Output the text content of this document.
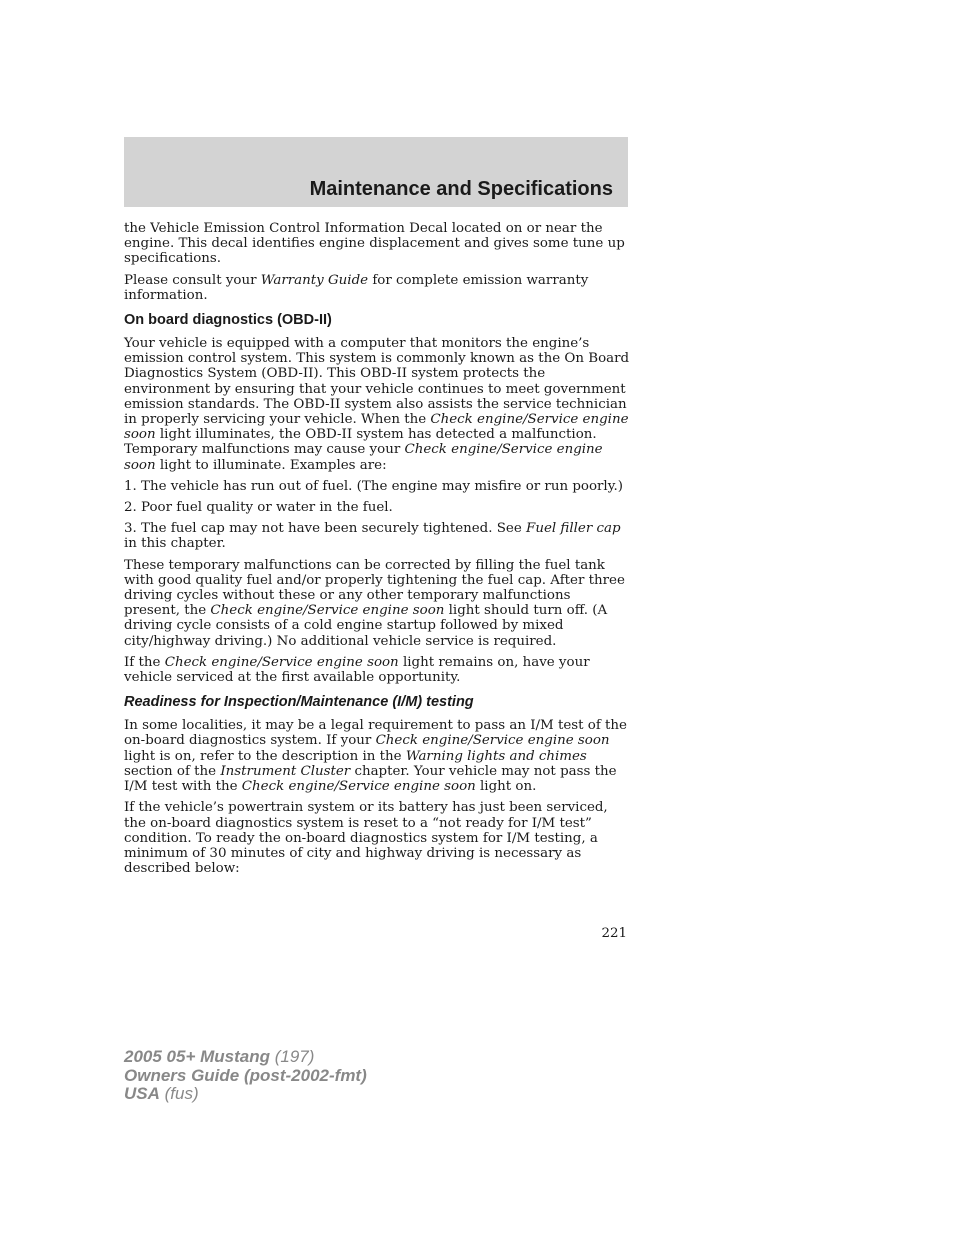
Maintenance and Specifications

the Vehicle Emission Control Information Decal located on or near the engine. This decal identifies engine displacement and gives some tune up specifications.

Please consult your Warranty Guide for complete emission warranty information.

On board diagnostics (OBD-II)

Your vehicle is equipped with a computer that monitors the engine’s emission control system. This system is commonly known as the On Board Diagnostics System (OBD-II). This OBD-II system protects the environment by ensuring that your vehicle continues to meet government emission standards. The OBD-II system also assists the service technician in properly servicing your vehicle. When the Check engine/Service engine soon light illuminates, the OBD-II system has detected a malfunction. Temporary malfunctions may cause your Check engine/Service engine soon light to illuminate. Examples are:

1. The vehicle has run out of fuel. (The engine may misfire or run poorly.)

2. Poor fuel quality or water in the fuel.

3. The fuel cap may not have been securely tightened. See Fuel filler cap in this chapter.

These temporary malfunctions can be corrected by filling the fuel tank with good quality fuel and/or properly tightening the fuel cap. After three driving cycles without these or any other temporary malfunctions present, the Check engine/Service engine soon light should turn off. (A driving cycle consists of a cold engine startup followed by mixed city/highway driving.) No additional vehicle service is required.

If the Check engine/Service engine soon light remains on, have your vehicle serviced at the first available opportunity.

Readiness for Inspection/Maintenance (I/M) testing

In some localities, it may be a legal requirement to pass an I/M test of the on-board diagnostics system. If your Check engine/Service engine soon light is on, refer to the description in the Warning lights and chimes section of the Instrument Cluster chapter. Your vehicle may not pass the I/M test with the Check engine/Service engine soon light on.

If the vehicle’s powertrain system or its battery has just been serviced, the on-board diagnostics system is reset to a “not ready for I/M test” condition. To ready the on-board diagnostics system for I/M testing, a minimum of 30 minutes of city and highway driving is necessary as described below:

221
2005 05+ Mustang (197)
Owners Guide (post-2002-fmt)
USA (fus)
